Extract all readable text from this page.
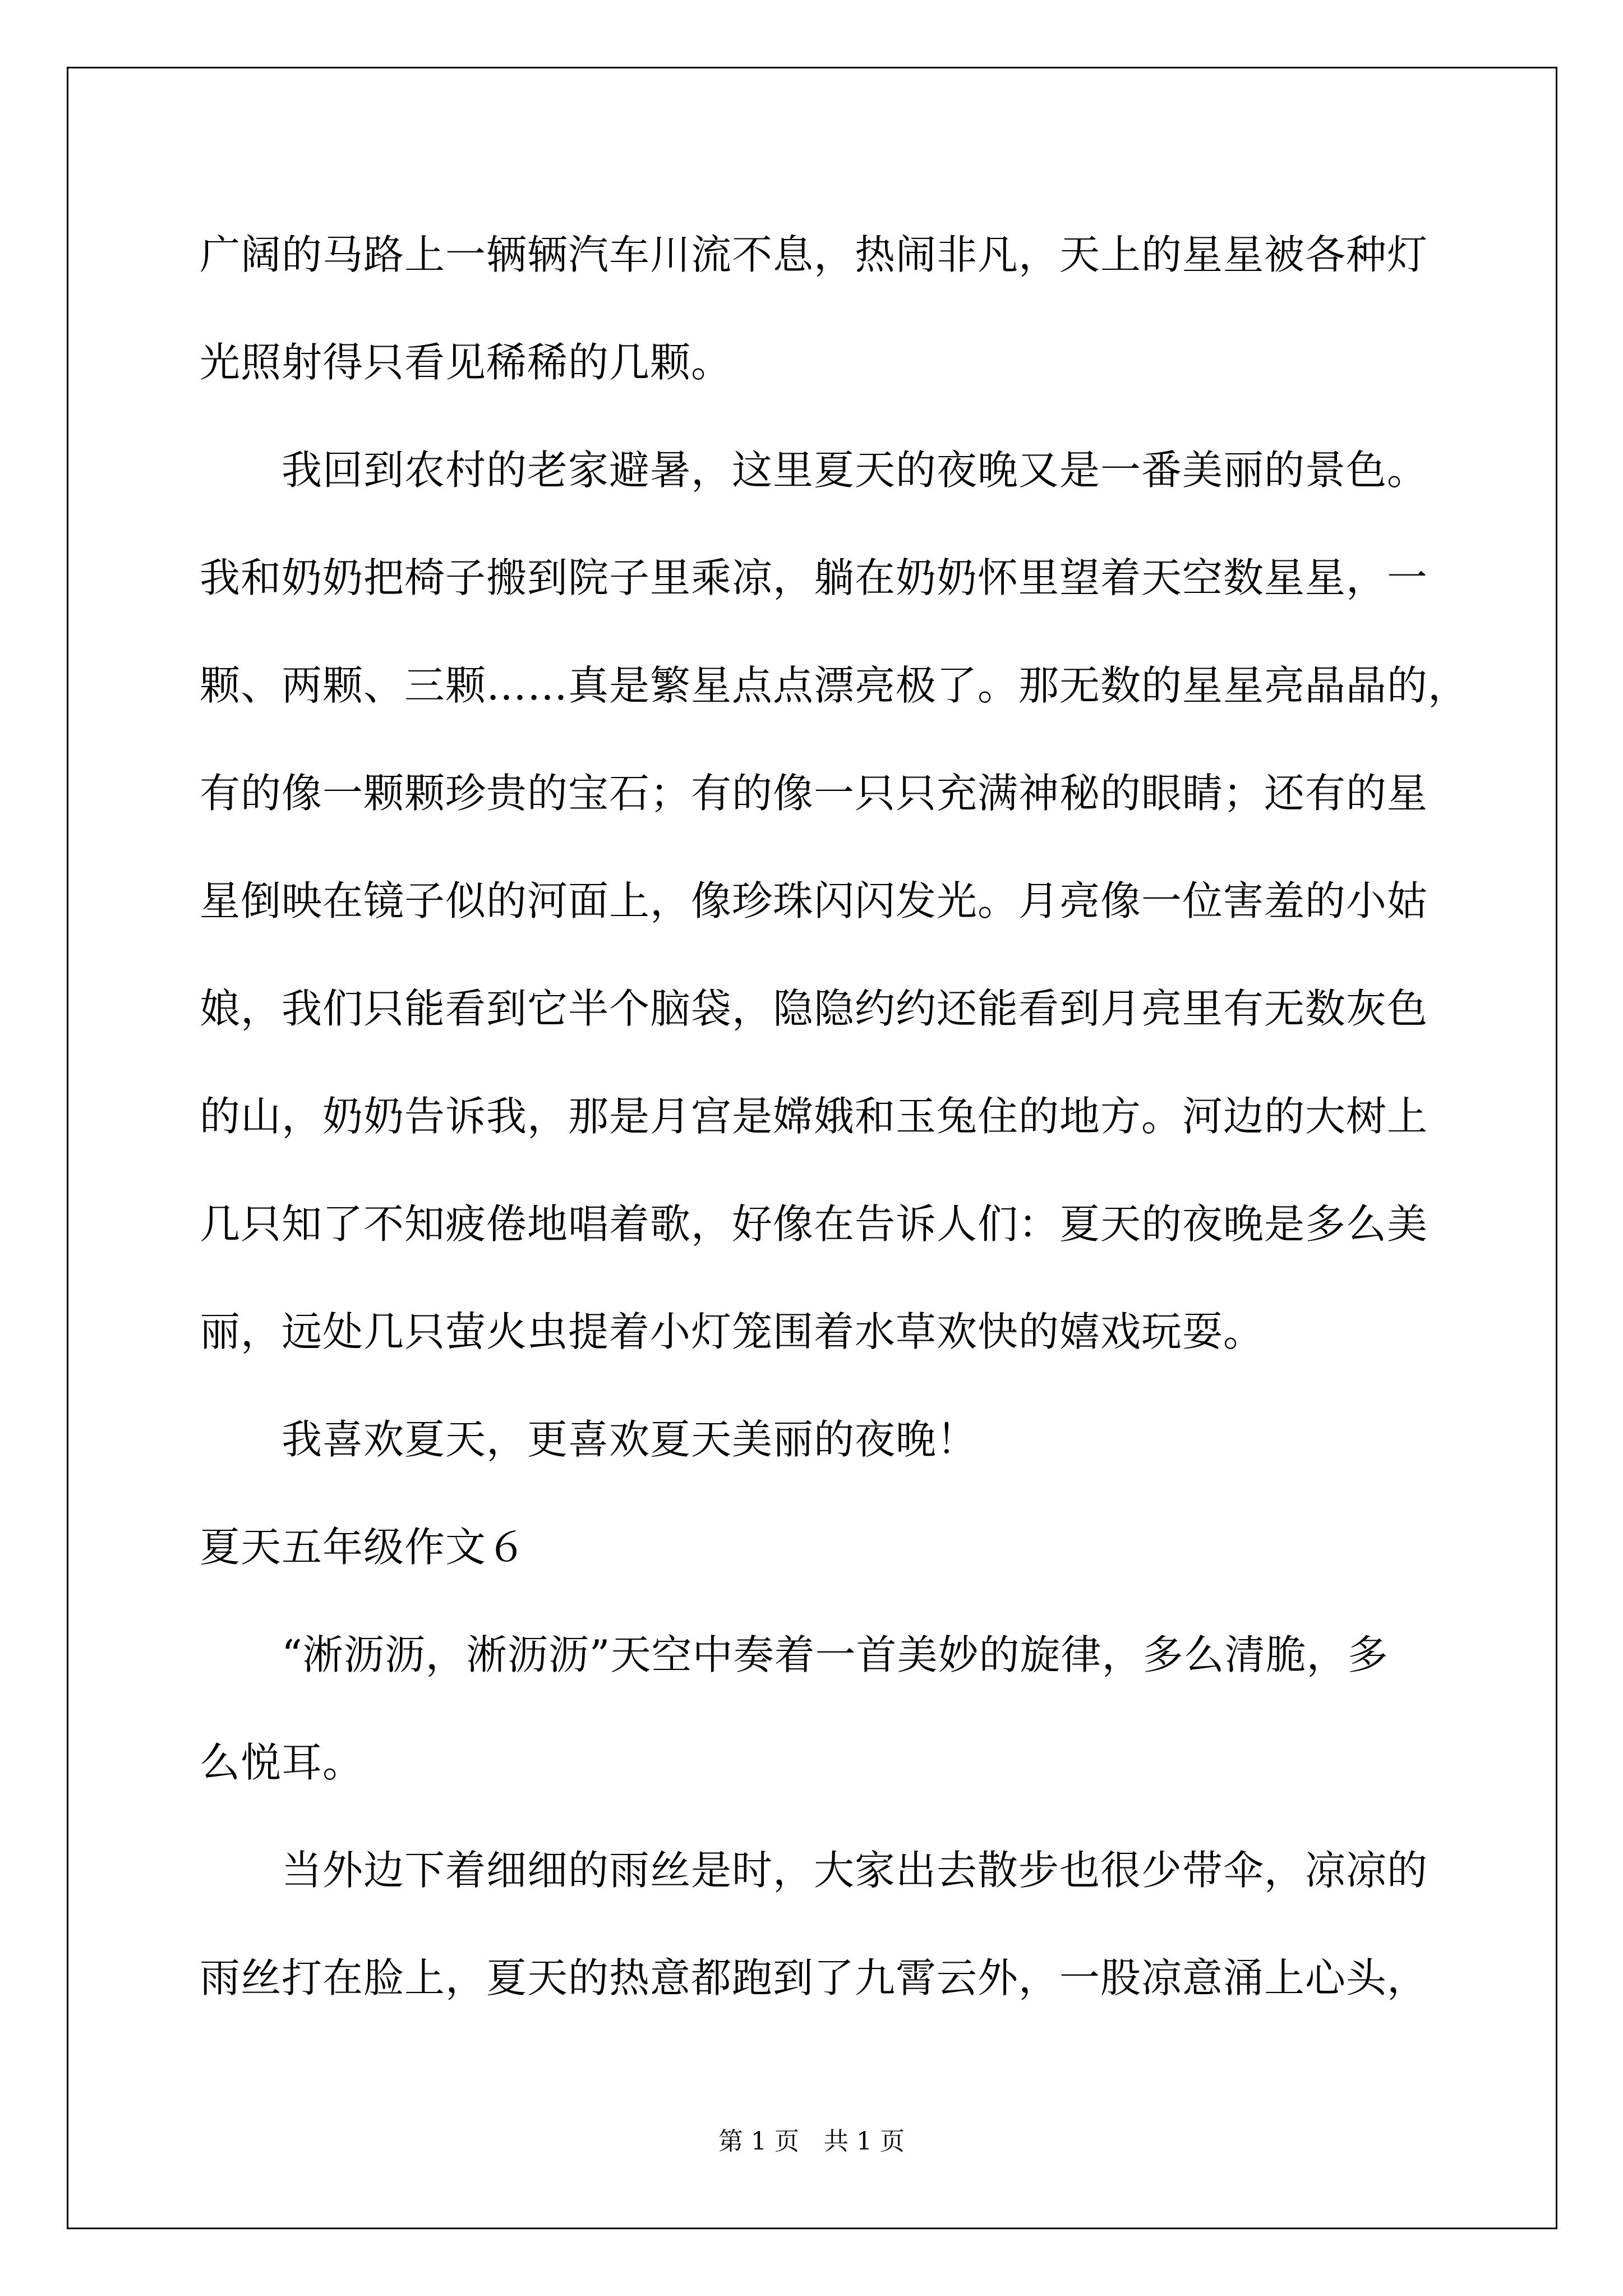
广阔的马路上一辆辆汽车川流不息，热闹非凡，天上的星星被各种灯
光照射得只看见稀稀的几颗。
我回到农村的老家避暑，这里夏天的夜晚又是一番美丽的景色。
我和奶奶把椅子搬到院子里乘凉，躺在奶奶怀里望着天空数星星，一
颗、两颗、三颗……真是繁星点点漂亮极了。那无数的星星亮晶晶的，
有的像一颗颗珍贵的宝石；有的像一只只充满神秘的眼睛；还有的星
星倒映在镜子似的河面上，像珍珠闪闪发光。月亮像一位害羞的小姑
娘，我们只能看到它半个脑袋，隐隐约约还能看到月亮里有无数灰色
的山，奶奶告诉我，那是月宫是嫦娥和玉兔住的地方。河边的大树上
几只知了不知疲倦地唱着歌，好像在告诉人们：夏天的夜晚是多么美
丽，远处几只萤火虫提着小灯笼围着水草欢快的嬉戏玩耍。
我喜欢夏天，更喜欢夏天美丽的夜晚！
夏天五年级作文６
“淅沥沥，淅沥沥”天空中奏着一首美妙的旋律，多么清脆，多
么悦耳。
当外边下着细细的雨丝是时，大家出去散步也很少带伞，凉凉的
雨丝打在脸上，夏天的热意都跑到了九霄云外，一股凉意涌上心头，
第 1 页　共 1 页
